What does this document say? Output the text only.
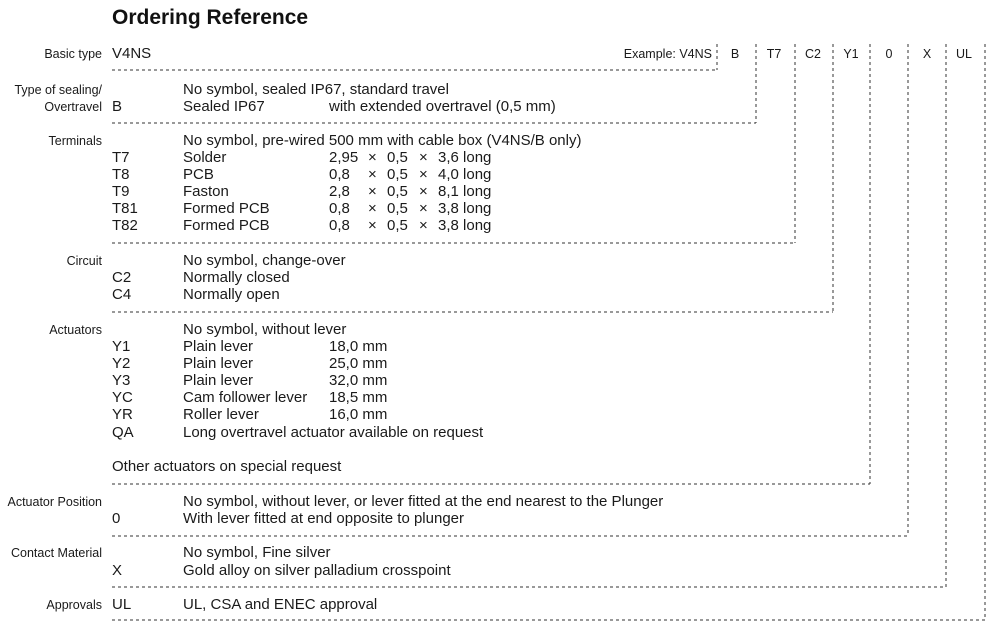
Ordering Reference
Basic type V4NS	Example: V4NS	B	T7	C2	Y1	0	X	UL
Type of sealing/
Overtravel
No symbol, sealed IP67, standard travel
B	Sealed IP67	with extended overtravel (0,5 mm)
Terminals	No symbol, pre-wired 500 mm with cable box (V4NS/B only)
T7	Solder	2,95 × 0,5 × 3,6 long
T8	PCB	0,8 × 0,5 × 4,0 long
T9	Faston	2,8 × 0,5 × 8,1 long
T81	Formed PCB	0,8 × 0,5 × 3,8 long
T82	Formed PCB	0,8 × 0,5 × 3,8 long
Circuit	No symbol, change-over
C2	Normally closed
C4	Normally open
Actuators	No symbol, without lever
Y1	Plain lever	18,0 mm
Y2	Plain lever	25,0 mm
Y3	Plain lever	32,0 mm
YC	Cam follower lever 18,5 mm
YR	Roller lever	16,0 mm
QA	Long overtravel actuator available on request
Other actuators on special request
Actuator Position	No symbol, without lever, or lever fitted at the end nearest to the Plunger
0	With lever fitted at end opposite to plunger
Contact Material	No symbol, Fine silver
X	Gold alloy on silver palladium crosspoint
Approvals UL	UL, CSA and ENEC approval
